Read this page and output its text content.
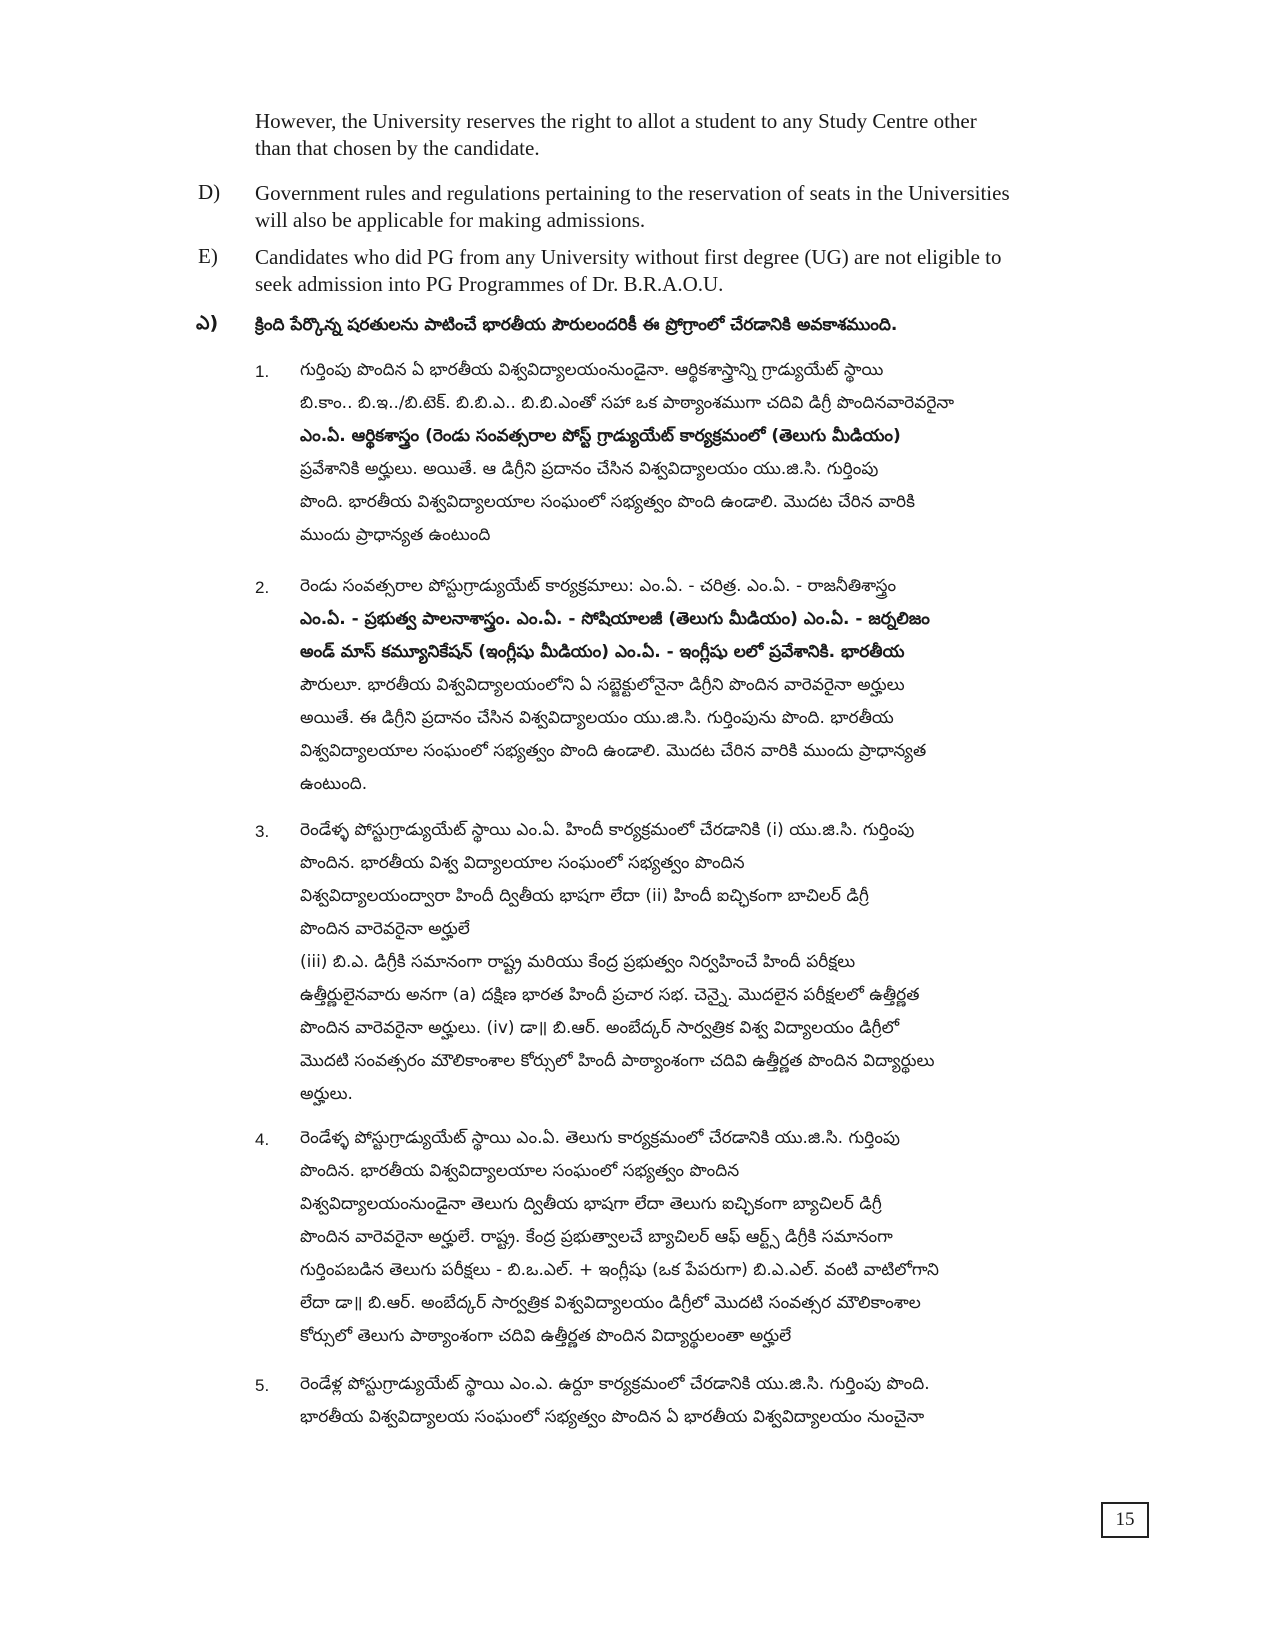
However, the University reserves the right to allot a student to any Study Centre other
than that chosen by the candidate.
D) Government rules and regulations pertaining to the reservation of seats in the Universities
will also be applicable for making admissions.
E) Candidates who did PG from any University without first degree (UG) are not eligible to
seek admission into PG Programmes of Dr. B.R.A.O.U.
ఎ) క్రింది పేర్కొన్న షరతులను పాటించే భారతీయ పౌరులందరికీ ఈ ప్రోగ్రాంలో చేరడానికి అవకాశముంది.
1. గుర్తింపు పొందిన ఏ భారతీయ విశ్వవిద్యాలయంనుండైనా. ఆర్థికశాస్త్రాన్ని గ్రాడ్యుయేట్ స్థాయి
బి.కాం.. బి.ఇ../బి.టెక్. బి.బి.ఎ.. బి.బి.ఎంతో సహా ఒక పాఠ్యాంశముగా చదివి డిగ్రీ పొందినవారెవరైనా
ఎం.ఏ. ఆర్థికశాస్త్రం (రెండు సంవత్సరాల పోస్ట్ గ్రాడ్యుయేట్ కార్యక్రమంలో (తెలుగు మీడియం)
ప్రవేశానికి అర్హులు. అయితే. ఆ డిగ్రీని ప్రదానం చేసిన విశ్వవిద్యాలయం యు.జి.సి. గుర్తింపు
పొంది. భారతీయ విశ్వవిద్యాలయాల సంఘంలో సభ్యత్వం పొంది ఉండాలి. మొదట చేరిన వారికి
ముందు ప్రాధాన్యత ఉంటుంది
2. రెండు సంవత్సరాల పోస్టుగ్రాడ్యుయేట్ కార్యక్రమాలు: ఎం.ఏ. - చరిత్ర. ఎం.ఏ. - రాజనీతిశాస్త్రం
ఎం.ఏ. - ప్రభుత్వ పాలనాశాస్త్రం. ఎం.ఏ. - సోషియాలజీ (తెలుగు మీడియం) ఎం.ఏ. - జర్నలిజం
అండ్ మాస్ కమ్యూనికేషన్ (ఇంగ్లీషు మీడియం) ఎం.ఏ. - ఇంగ్లీషు లలో ప్రవేశానికి. భారతీయ
పౌరులూ. భారతీయ విశ్వవిద్యాలయంలోని ఏ సబ్జెక్టులోనైనా డిగ్రీని పొందిన వారెవరైనా అర్హులు
అయితే. ఈ డిగ్రీని ప్రదానం చేసిన విశ్వవిద్యాలయం యు.జి.సి. గుర్తింపును పొంది. భారతీయ
విశ్వవిద్యాలయాల సంఘంలో సభ్యత్వం పొంది ఉండాలి. మొదట చేరిన వారికి ముందు ప్రాధాన్యత
ఉంటుంది.
3. రెండేళ్ళ పోస్టుగ్రాడ్యుయేట్ స్థాయి ఎం.ఏ. హిందీ కార్యక్రమంలో చేరడానికి (i) యు.జి.సి. గుర్తింపు
పొందిన. భారతీయ విశ్వ విద్యాలయాల సంఘంలో సభ్యత్వం పొందిన
విశ్వవిద్యాలయంద్వారా హిందీ ద్వితీయ భాషగా లేదా (ii) హిందీ ఐచ్ఛికంగా బాచిలర్ డిగ్రీ
పొందిన వారెవరైనా అర్హులే
(iii) బి.ఎ. డిగ్రీకి సమానంగా రాష్ట్ర మరియు కేంద్ర ప్రభుత్వం నిర్వహించే హిందీ పరీక్షలు
ఉత్తీర్ణులైనవారు అనగా (a) దక్షిణ భారత హిందీ ప్రచార సభ. చెన్నై. మొదలైన పరీక్షలలో ఉత్తీర్ణత
పొందిన వారెవరైనా అర్హులు. (iv) డా॥ బి.ఆర్. అంబేద్కర్ సార్వత్రిక విశ్వ విద్యాలయం డిగ్రీలో
మొదటి సంవత్సరం మౌలికాంశాల కోర్సులో హిందీ పాఠ్యాంశంగా చదివి ఉత్తీర్ణత పొందిన విద్యార్థులు
అర్హులు.
4. రెండేళ్ళ పోస్టుగ్రాడ్యుయేట్ స్థాయి ఎం.ఏ. తెలుగు కార్యక్రమంలో చేరడానికి యు.జి.సి. గుర్తింపు
పొందిన. భారతీయ విశ్వవిద్యాలయాల సంఘంలో సభ్యత్వం పొందిన
విశ్వవిద్యాలయంనుండైనా తెలుగు ద్వితీయ భాషగా లేదా తెలుగు ఐచ్ఛికంగా బ్యాచిలర్ డిగ్రీ
పొందిన వారెవరైనా అర్హులే. రాష్ట్ర. కేంద్ర ప్రభుత్వాలచే బ్యాచిలర్ ఆఫ్ ఆర్ట్స్ డిగ్రీకి సమానంగా
గుర్తింపబడిన తెలుగు పరీక్షలు - బి.ఒ.ఎల్. + ఇంగ్లీషు (ఒక పేపరుగా) బి.ఎ.ఎల్. వంటి వాటిలోగాని
లేదా డా॥ బి.ఆర్. అంబేద్కర్ సార్వత్రిక విశ్వవిద్యాలయం డిగ్రీలో మొదటి సంవత్సర మౌలికాంశాల
కోర్సులో తెలుగు పాఠ్యాంశంగా చదివి ఉత్తీర్ణత పొందిన విద్యార్థులంతా అర్హులే
5. రెండేళ్ల పోస్టుగ్రాడ్యుయేట్ స్థాయి ఎం.ఎ. ఉర్దూ కార్యక్రమంలో చేరడానికి యు.జి.సి. గుర్తింపు పొంది.
భారతీయ విశ్వవిద్యాలయ సంఘంలో సభ్యత్వం పొందిన ఏ భారతీయ విశ్వవిద్యాలయం నుంచైనా
15
